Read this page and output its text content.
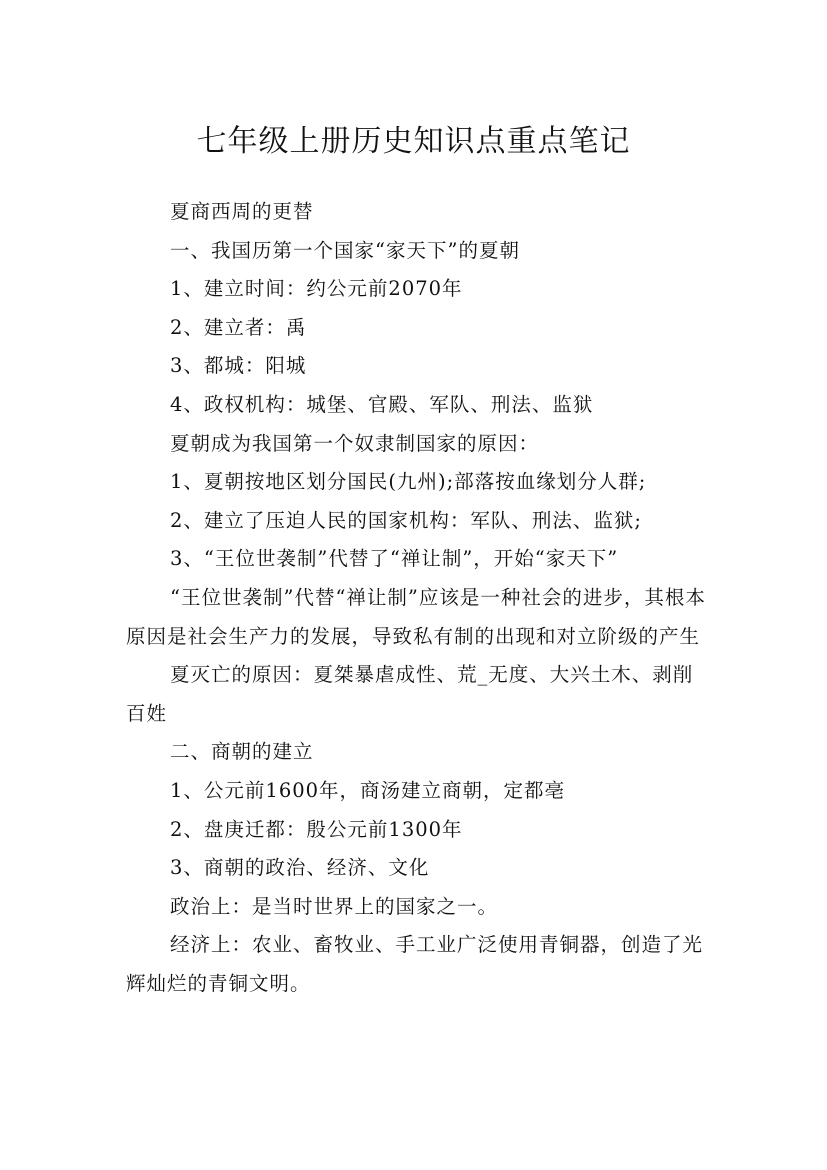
七年级上册历史知识点重点笔记

夏商西周的更替

一、我国历第一个国家“家天下”的夏朝

1、建立时间：约公元前2070年

2、建立者：禹

3、都城：阳城

4、政权机构：城堡、官殿、军队、刑法、监狱

夏朝成为我国第一个奴隶制国家的原因：

1、夏朝按地区划分国民(九州);部落按血缘划分人群;

2、建立了压迫人民的国家机构：军队、刑法、监狱;

3、“王位世袭制”代替了“禅让制”，开始“家天下”

“王位世袭制”代替“禅让制”应该是一种社会的进步，其根本原因是社会生产力的发展，导致私有制的出现和对立阶级的产生

夏灭亡的原因：夏桀暴虐成性、荒_无度、大兴土木、剥削百姓

二、商朝的建立

1、公元前1600年，商汤建立商朝，定都亳

2、盘庚迁都：殷公元前1300年

3、商朝的政治、经济、文化

政治上：是当时世界上的国家之一。

经济上：农业、畜牧业、手工业广泛使用青铜器，创造了光辉灿烂的青铜文明。
